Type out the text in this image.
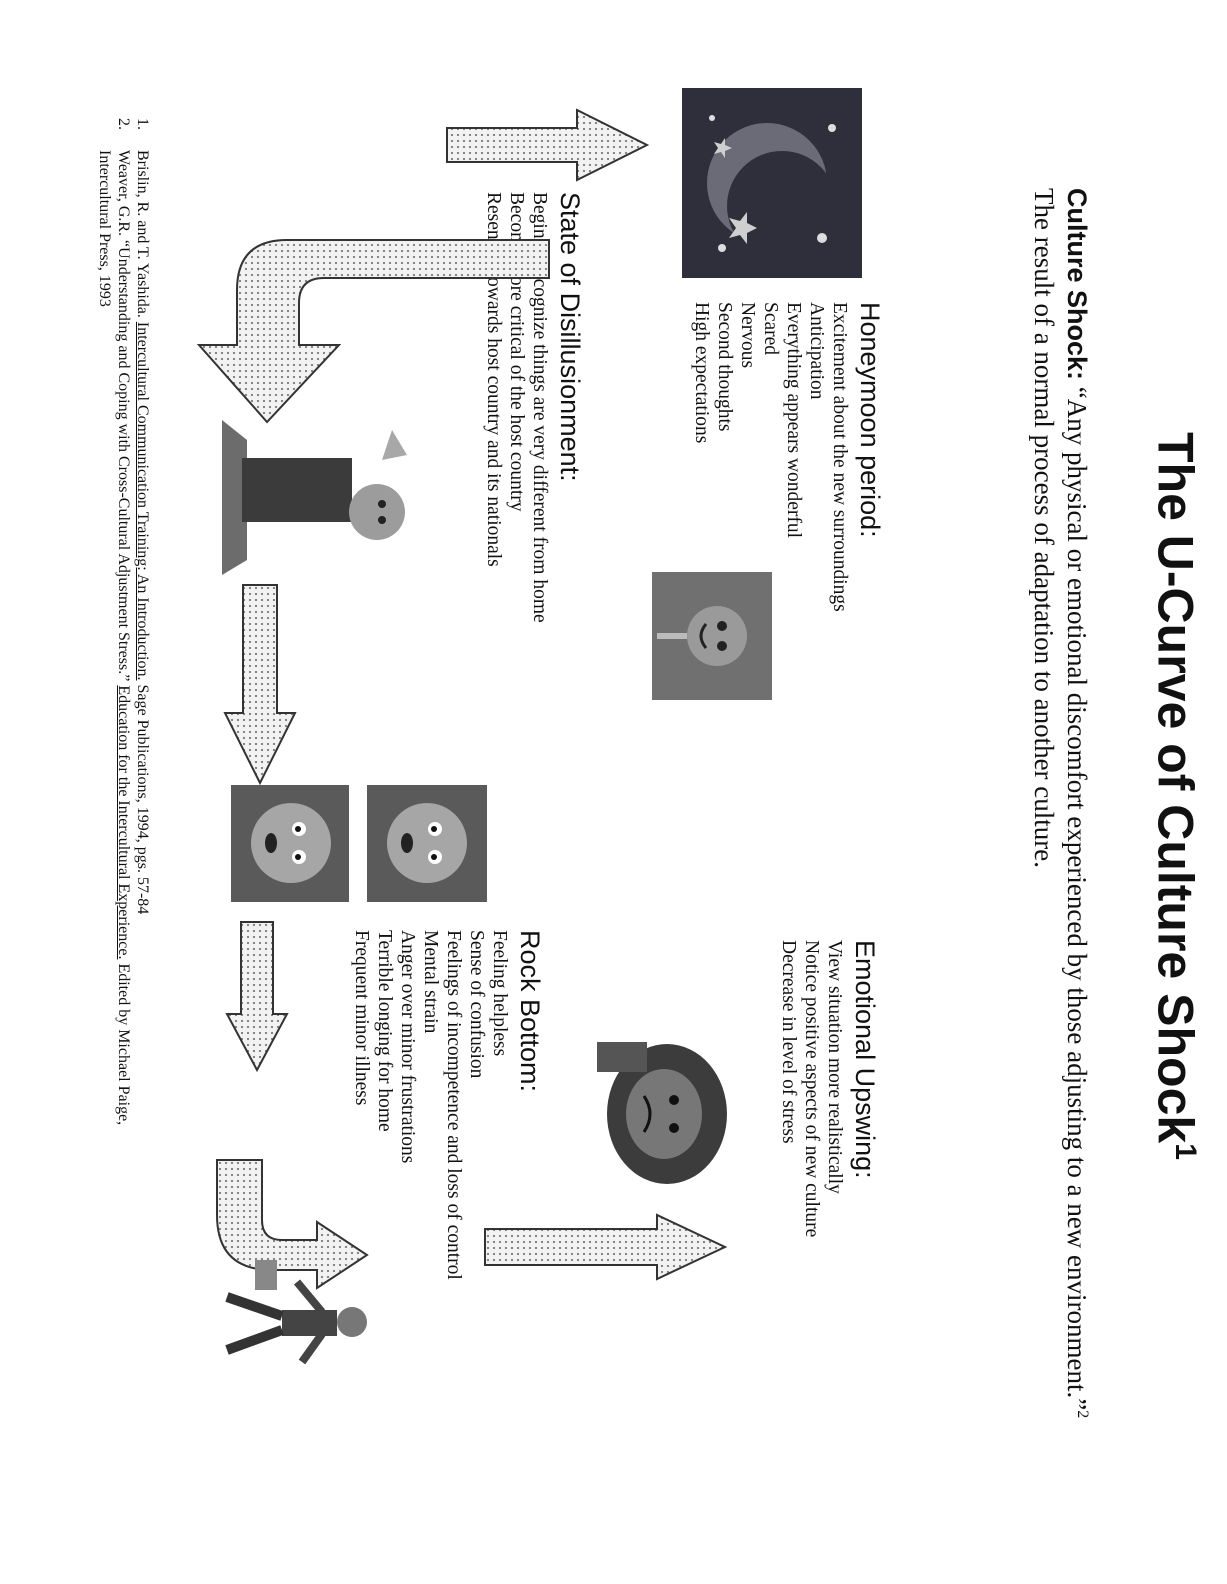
The U-Curve of Culture Shock$^1$
Culture Shock: “Any physical or emotional discomfort experienced by those adjusting to a new environment.”$^2$ The result of a normal process of adaptation to another culture.
Honeymoon period:
Excitement about the new surroundings
Anticipation
Everything appears wonderful
Scared
Nervous
Second thoughts
High expectations
State of Disillusionment:
Begin to recognize things are very different from home
Become more critical of the host country
Resentful towards host country and its nationals
Rock Bottom:
Feeling helpless
Sense of confusion
Feelings of incompetence and loss of control
Mental strain
Anger over minor frustrations
Terrible longing for home
Frequent minor illness	Emotional Upswing:
View situation more realistically
Notice positive aspects of new culture
Decrease in level of stress
1.
Brislin, R. and T. Yashida. Intercultural Communication Training: An Introduction. Sage Publications, 1994, pgs. 57-84
2.
Weaver, G.R. “Understanding and Coping with Cross-Cultural Adjustment Stress.” Education for the Intercultural Experience. Edited by Michael Paige,
Intercultural Press, 1993
